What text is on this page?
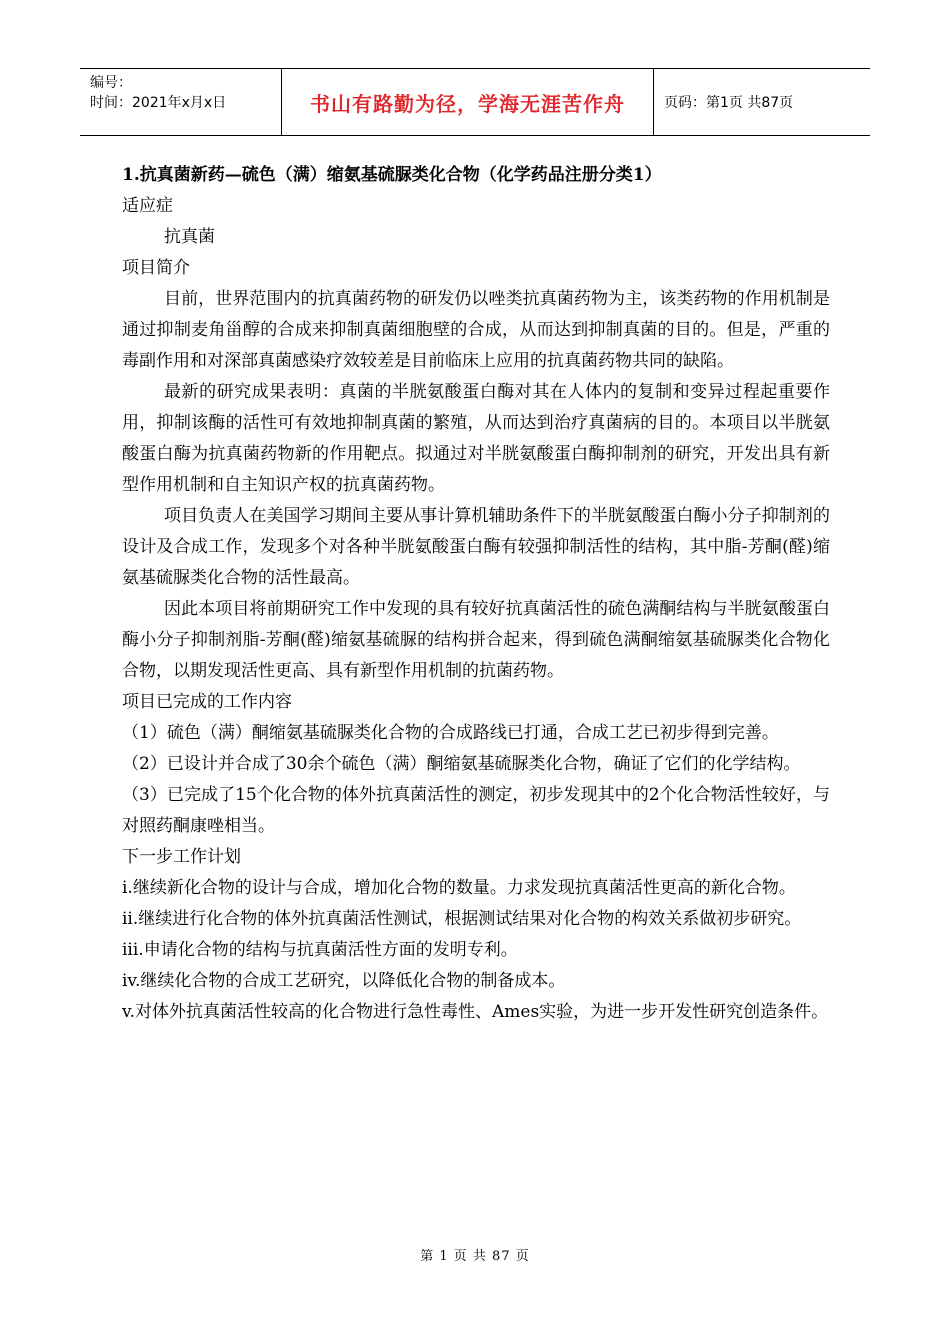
编号：
时间：2021年x月x日	书山有路勤为径，学海无涯苦作舟	页码：第1页 共87页

1.抗真菌新药—硫色（满）缩氨基硫脲类化合物（化学药品注册分类1）

适应症

抗真菌

项目简介

目前，世界范围内的抗真菌药物的研发仍以唑类抗真菌药物为主，该类药物的作用机制是通过抑制麦角甾醇的合成来抑制真菌细胞壁的合成，从而达到抑制真菌的目的。但是，严重的毒副作用和对深部真菌感染疗效较差是目前临床上应用的抗真菌药物共同的缺陷。

最新的研究成果表明：真菌的半胱氨酸蛋白酶对其在人体内的复制和变异过程起重要作用，抑制该酶的活性可有效地抑制真菌的繁殖，从而达到治疗真菌病的目的。本项目以半胱氨酸蛋白酶为抗真菌药物新的作用靶点。拟通过对半胱氨酸蛋白酶抑制剂的研究，开发出具有新型作用机制和自主知识产权的抗真菌药物。

项目负责人在美国学习期间主要从事计算机辅助条件下的半胱氨酸蛋白酶小分子抑制剂的设计及合成工作，发现多个对各种半胱氨酸蛋白酶有较强抑制活性的结构，其中脂-芳酮(醛)缩氨基硫脲类化合物的活性最高。

因此本项目将前期研究工作中发现的具有较好抗真菌活性的硫色满酮结构与半胱氨酸蛋白酶小分子抑制剂脂-芳酮(醛)缩氨基硫脲的结构拼合起来，得到硫色满酮缩氨基硫脲类化合物化合物，以期发现活性更高、具有新型作用机制的抗菌药物。

项目已完成的工作内容

（1）硫色（满）酮缩氨基硫脲类化合物的合成路线已打通，合成工艺已初步得到完善。

（2）已设计并合成了30余个硫色（满）酮缩氨基硫脲类化合物，确证了它们的化学结构。

（3）已完成了15个化合物的体外抗真菌活性的测定，初步发现其中的2个化合物活性较好，与对照药酮康唑相当。

下一步工作计划

i.继续新化合物的设计与合成，增加化合物的数量。力求发现抗真菌活性更高的新化合物。

ii.继续进行化合物的体外抗真菌活性测试，根据测试结果对化合物的构效关系做初步研究。

iii.申请化合物的结构与抗真菌活性方面的发明专利。

iv.继续化合物的合成工艺研究，以降低化合物的制备成本。

v.对体外抗真菌活性较高的化合物进行急性毒性、Ames实验，为进一步开发性研究创造条件。

第 1 页 共 87 页
